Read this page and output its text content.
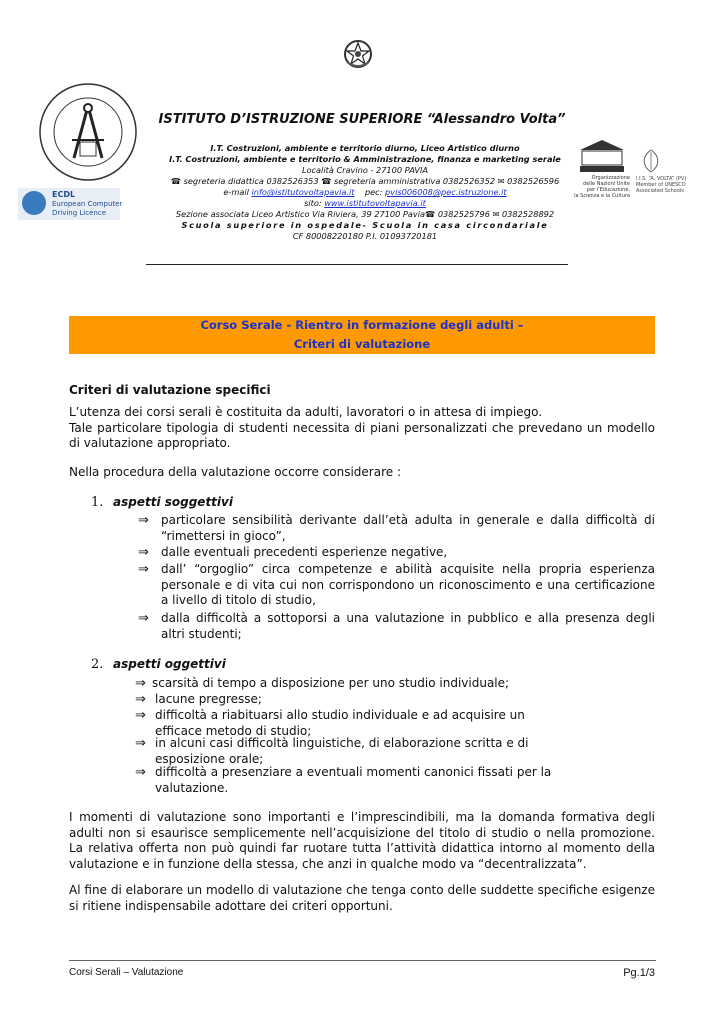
ECDL
European Computer
Driving Licence
Organizzazione
delle Nazioni Unite
per l’Educazione,
la Scienza e la Cultura
I.I.S. “A. VOLTA” (PV)
Member of UNESCO
Associated Schools
ISTITUTO D’ISTRUZIONE SUPERIORE “Alessandro Volta”
I.T. Costruzioni, ambiente e territorio diurno, Liceo Artistico diurno
I.T. Costruzioni, ambiente e territorio & Amministrazione, finanza e marketing serale
Località Cravino - 27100 PAVIA
☎ segreteria didattica 0382526353 ☎ segreteria amministrativa 0382526352 ✉ 0382526596
e-mail info@istitutovoltapavia.it    pec: pvis006008@pec.istruzione.it
sito: www.istitutovoltapavia.it
Sezione associata Liceo Artistico Via Riviera, 39 27100 Pavia☎ 0382525796 ✉ 0382528892
Scuola superiore in ospedale- Scuola in casa circondariale
CF 80008220180 P.I. 01093720181
Corso Serale - Rientro in formazione degli adulti –
Criteri di valutazione
Criteri di valutazione specifici
L’utenza dei corsi serali è costituita da adulti, lavoratori o in attesa di impiego.
Tale particolare tipologia di studenti necessita di piani personalizzati che prevedano un modello di valutazione appropriato.
Nella procedura della valutazione occorre considerare :
1. aspetti soggettivi
⇒ particolare sensibilità derivante dall’età adulta in generale e dalla difficoltà di “rimettersi in gioco”,
⇒ dalle eventuali precedenti esperienze negative,
⇒ dall’ “orgoglio” circa competenze e abilità acquisite nella propria esperienza personale e di vita cui non corrispondono un riconoscimento e una certificazione a livello di titolo di studio,
⇒ dalla difficoltà a sottoporsi a una valutazione in pubblico e alla presenza degli altri studenti;
2. aspetti oggettivi
⇒ scarsità di tempo a disposizione per uno studio individuale;
⇒ lacune pregresse;
⇒ difficoltà a riabituarsi allo studio individuale e ad acquisire un efficace metodo di studio;
⇒ in alcuni casi difficoltà linguistiche, di elaborazione scritta e di esposizione orale;
⇒ difficoltà a presenziare a eventuali momenti canonici fissati per la valutazione.
I momenti di valutazione sono importanti e l’imprescindibili, ma la domanda formativa degli adulti non si esaurisce semplicemente nell’acquisizione del titolo di studio o nella promozione. La relativa offerta non può quindi far ruotare tutta l’attività didattica intorno al momento della valutazione e in funzione della stessa, che anzi in qualche modo va “decentralizzata”.
Al fine di elaborare un modello di valutazione che tenga conto delle suddette specifiche esigenze si ritiene indispensabile adottare dei criteri opportuni.
Corsi Serali – Valutazione	Pg.1/3
